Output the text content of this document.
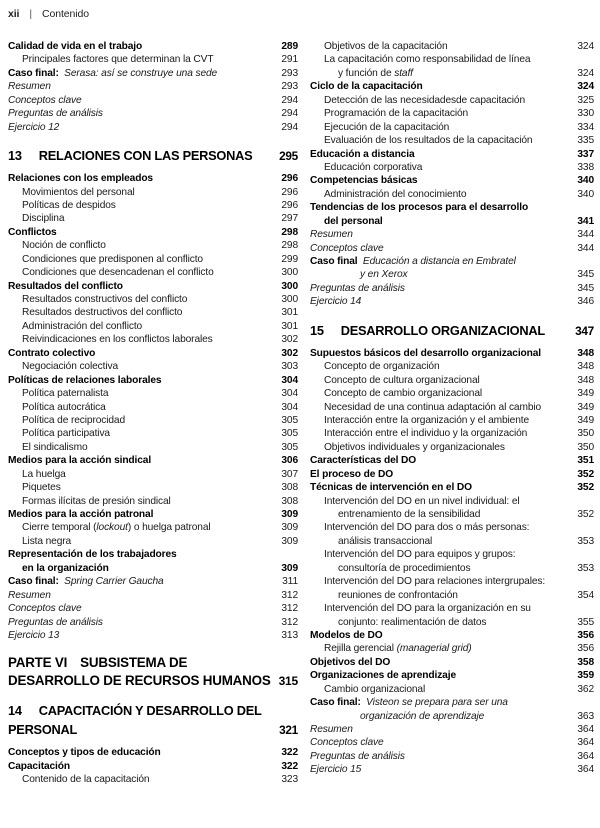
xii | Contenido
Calidad de vida en el trabajo	289
Principales factores que determinan la CVT	291
Caso final:  Serasa: así se construye una sede	293
Resumen	293
Conceptos clave	294
Preguntas de análisis	294
Ejercicio 12	294
13 RELACIONES CON LAS PERSONAS	295
Relaciones con los empleados	296
Movimientos del personal	296
Políticas de despidos	296
Disciplina	297
Conflictos	298
Noción de conflicto	298
Condiciones que predisponen al conflicto	299
Condiciones que desencadenan el conflicto	300
Resultados del conflicto	300
Resultados constructivos del conflicto	300
Resultados destructivos del conflicto	301
Administración del conflicto	301
Reivindicaciones en los conflictos laborales	302
Contrato colectivo	302
Negociación colectiva	303
Políticas de relaciones laborales	304
Política paternalista	304
Política autocrática	304
Política de reciprocidad	305
Política participativa	305
El sindicalismo	305
Medios para la acción sindical	306
La huelga	307
Piquetes	308
Formas ilícitas de presión sindical	308
Medios para la acción patronal	309
Cierre temporal (lockout) o huelga patronal	309
Lista negra	309
Representación de los trabajadores
en la organización	309
Caso final:  Spring Carrier Gaucha	311
Resumen	312
Conceptos clave	312
Preguntas de análisis	312
Ejercicio 13	313
PARTE VI SUBSISTEMA DE
DESARROLLO DE RECURSOS HUMANOS 315
14 CAPACITACIÓN Y DESARROLLO DEL
PERSONAL	321
Conceptos y tipos de educación	322
Capacitación	322
Contenido de la capacitación	323
Objetivos de la capacitación	324
La capacitación como responsabilidad de línea
y función de staff	324
Ciclo de la capacitación	324
Detección de las necesidadesde capacitación	325
Programación de la capacitación	330
Ejecución de la capacitación	334
Evaluación de los resultados de la capacitación	335
Educación a distancia	337
Educación corporativa	338
Competencias básicas	340
Administración del conocimiento	340
Tendencias de los procesos para el desarrollo
del personal	341
Resumen	344
Conceptos clave	344
Caso final  Educación a distancia en Embratel
y en Xerox	345
Preguntas de análisis	345
Ejercicio 14	346
15 DESARROLLO ORGANIZACIONAL	347
Supuestos básicos del desarrollo organizacional	348
Concepto de organización	348
Concepto de cultura organizacional	348
Concepto de cambio organizacional	349
Necesidad de una continua adaptación al cambio	349
Interacción entre la organización y el ambiente	349
Interacción entre el individuo y la organización	350
Objetivos individuales y organizacionales	350
Características del DO	351
El proceso de DO	352
Técnicas de intervención en el DO	352
Intervención del DO en un nivel individual: el
entrenamiento de la sensibilidad	352
Intervención del DO para dos o más personas:
análisis transaccional	353
Intervención del DO para equipos y grupos:
consultoría de procedimientos	353
Intervención del DO para relaciones intergrupales:
reuniones de confrontación	354
Intervención del DO para la organización en su
conjunto: realimentación de datos	355
Modelos de DO	356
Rejilla gerencial (managerial grid)	356
Objetivos del DO	358
Organizaciones de aprendizaje	359
Cambio organizacional	362
Caso final:  Visteon se prepara para ser una
organización de aprendizaje	363
Resumen	364
Conceptos clave	364
Preguntas de análisis	364
Ejercicio 15	364
